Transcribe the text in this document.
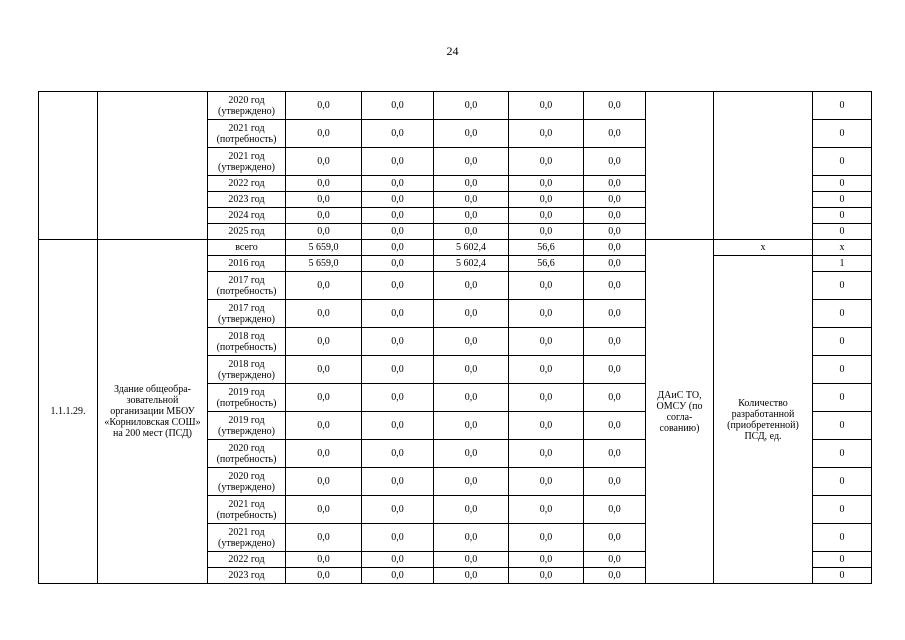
24
		2020 год (утверждено)	0,0	0,0	0,0	0,0	0,0			0
		2021 год (потребность)	0,0	0,0	0,0	0,0	0,0			0
		2021 год (утверждено)	0,0	0,0	0,0	0,0	0,0			0
		2022 год	0,0	0,0	0,0	0,0	0,0			0
		2023 год	0,0	0,0	0,0	0,0	0,0			0
		2024 год	0,0	0,0	0,0	0,0	0,0			0
		2025 год	0,0	0,0	0,0	0,0	0,0			0
1.1.1.29.	Здание общеобра-зовательной организации МБОУ «Корниловская СОШ» на 200 мест (ПСД)	всего	5 659,0	0,0	5 602,4	56,6	0,0	ДАиС ТО, ОМСУ (по согла-сованию)	х	х
		2016 год	5 659,0	0,0	5 602,4	56,6	0,0		Количество разработанной (приобретенной) ПСД, ед.	1
		2017 год (потребность)	0,0	0,0	0,0	0,0	0,0			0
		2017 год (утверждено)	0,0	0,0	0,0	0,0	0,0			0
		2018 год (потребность)	0,0	0,0	0,0	0,0	0,0			0
		2018 год (утверждено)	0,0	0,0	0,0	0,0	0,0			0
		2019 год (потребность)	0,0	0,0	0,0	0,0	0,0			0
		2019 год (утверждено)	0,0	0,0	0,0	0,0	0,0			0
		2020 год (потребность)	0,0	0,0	0,0	0,0	0,0			0
		2020 год (утверждено)	0,0	0,0	0,0	0,0	0,0			0
		2021 год (потребность)	0,0	0,0	0,0	0,0	0,0			0
		2021 год (утверждено)	0,0	0,0	0,0	0,0	0,0			0
		2022 год	0,0	0,0	0,0	0,0	0,0			0
		2023 год	0,0	0,0	0,0	0,0	0,0			0
